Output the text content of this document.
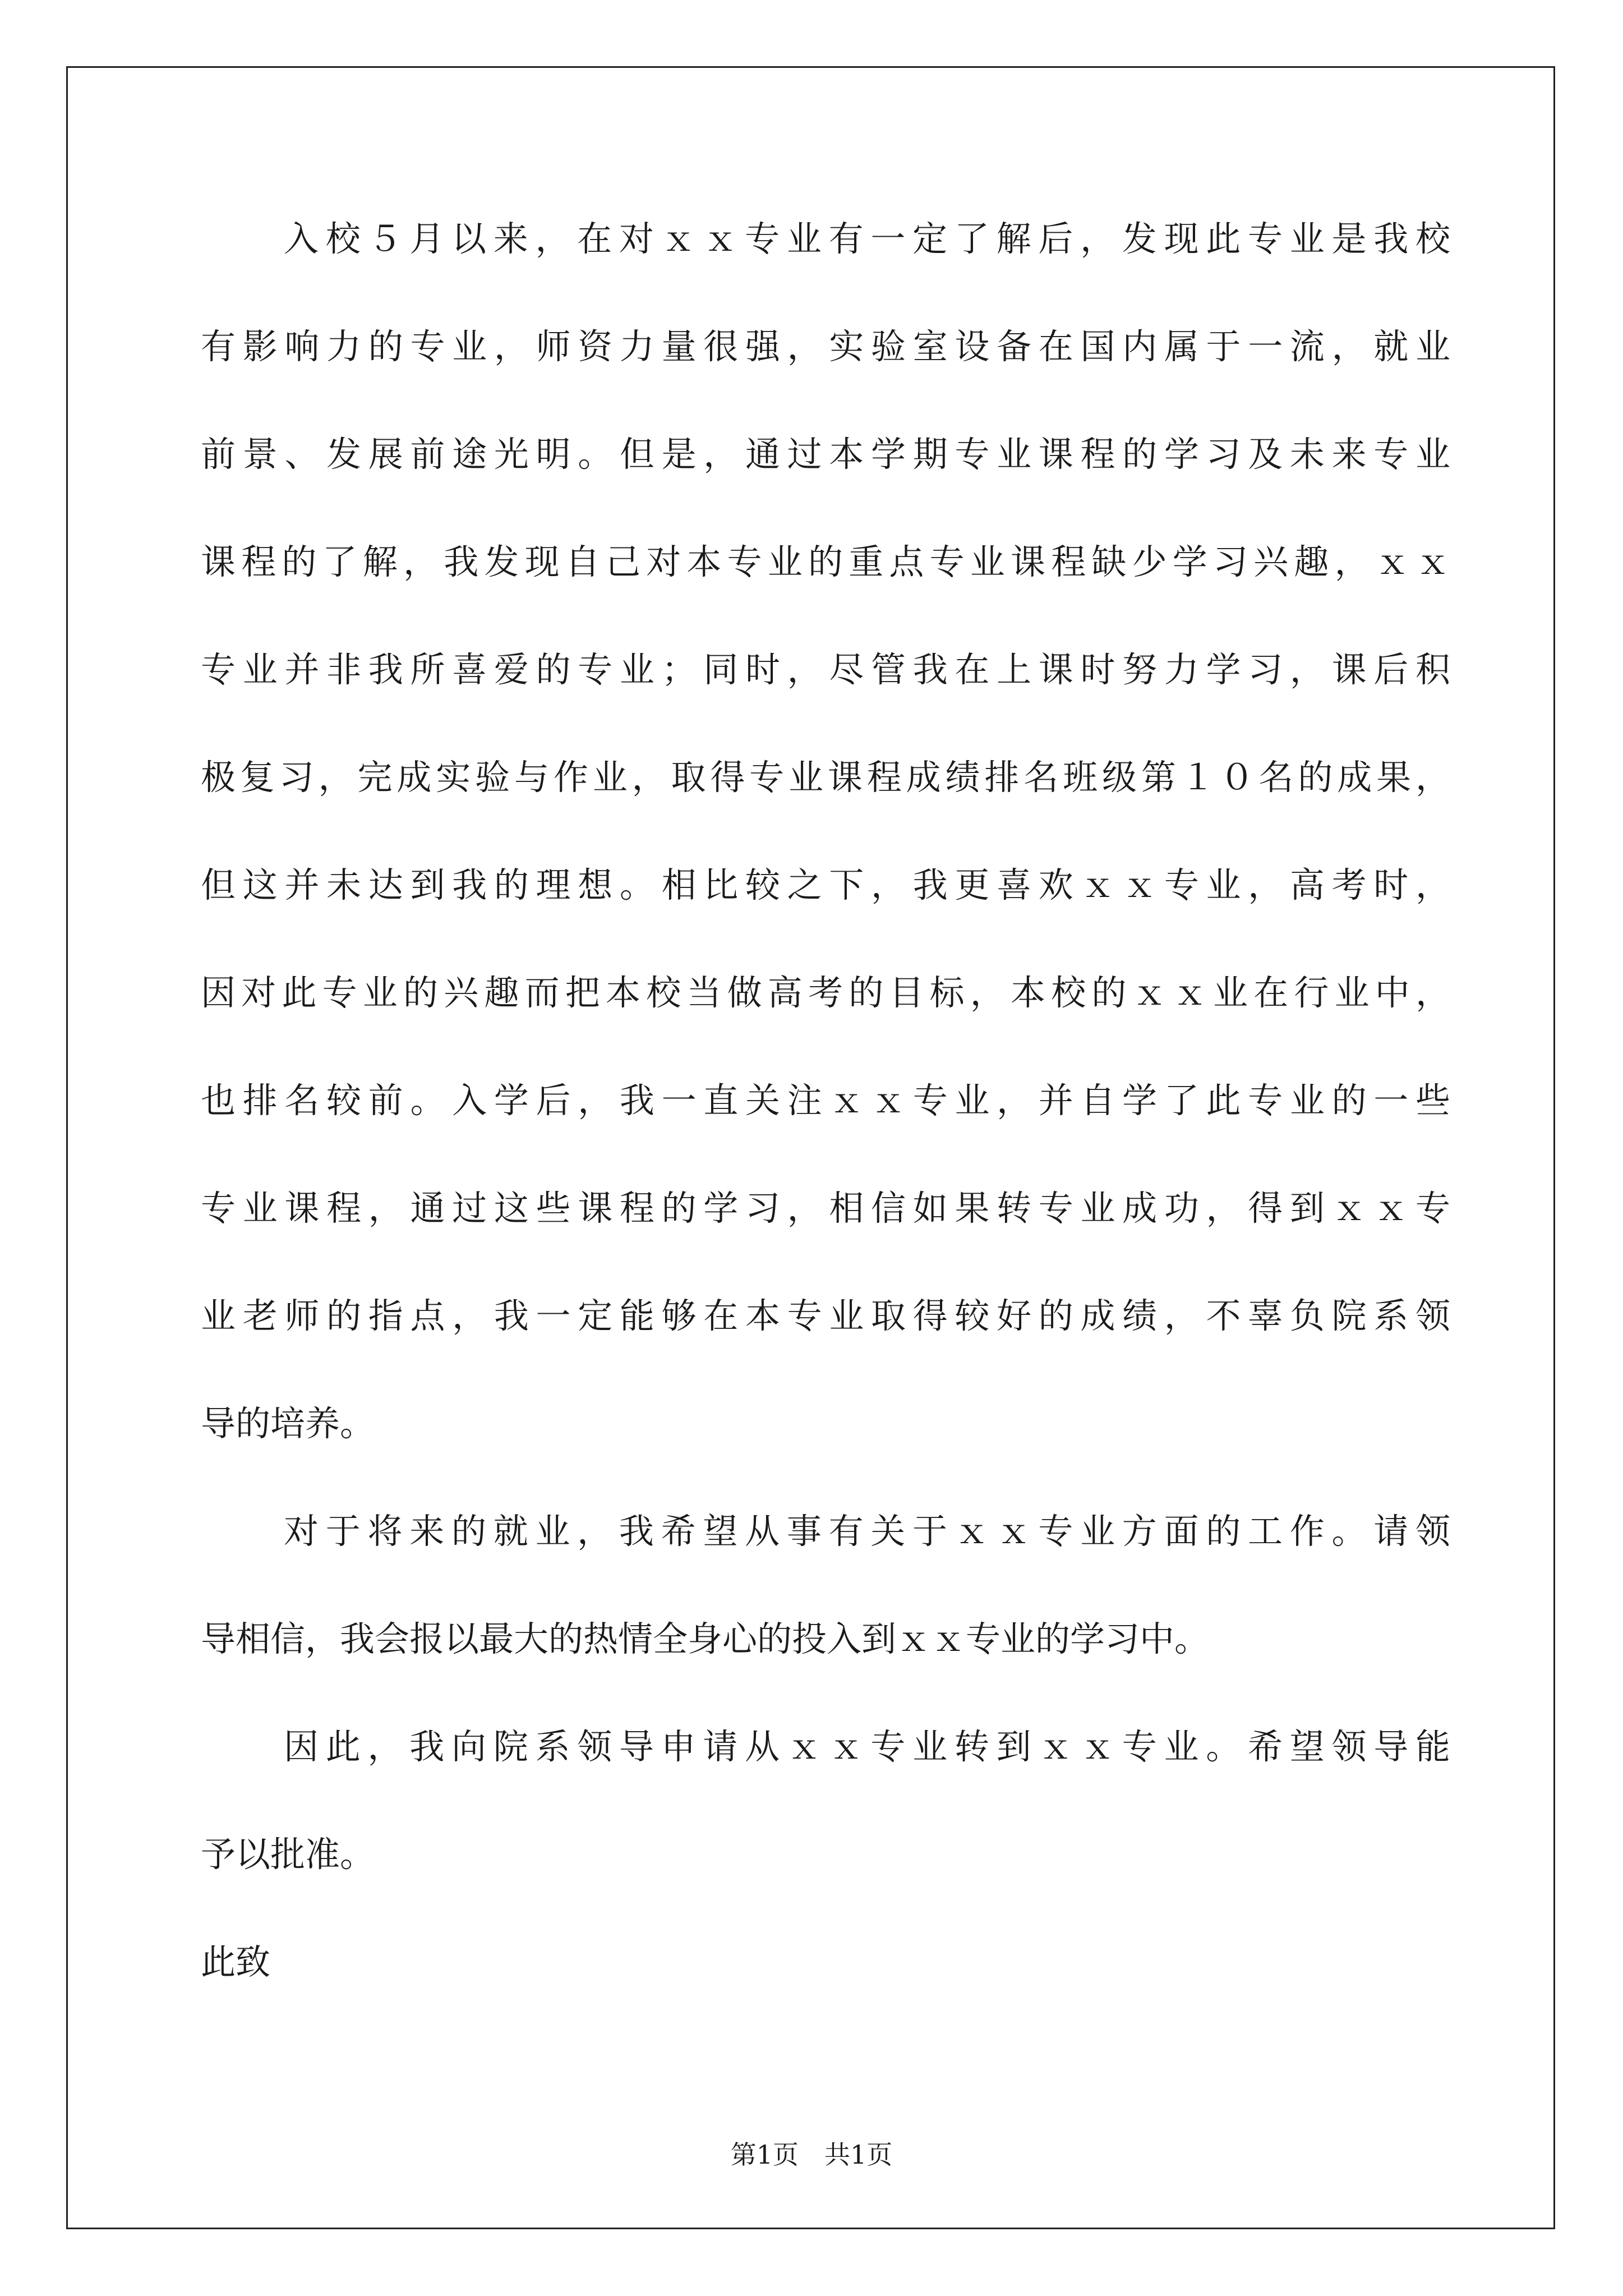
入校５月以来，在对ｘｘ专业有一定了解后，发现此专业是我校
有影响力的专业，师资力量很强，实验室设备在国内属于一流，就业
前景、发展前途光明。但是，通过本学期专业课程的学习及未来专业
课程的了解，我发现自己对本专业的重点专业课程缺少学习兴趣，ｘｘ
专业并非我所喜爱的专业；同时，尽管我在上课时努力学习，课后积
极复习，完成实验与作业，取得专业课程成绩排名班级第１０名的成果，
但这并未达到我的理想。相比较之下，我更喜欢ｘｘ专业，高考时，
因对此专业的兴趣而把本校当做高考的目标，本校的ｘｘ业在行业中，
也排名较前。入学后，我一直关注ｘｘ专业，并自学了此专业的一些
专业课程，通过这些课程的学习，相信如果转专业成功，得到ｘｘ专
业老师的指点，我一定能够在本专业取得较好的成绩，不辜负院系领
导的培养。
对于将来的就业，我希望从事有关于ｘｘ专业方面的工作。请领
导相信，我会报以最大的热情全身心的投入到ｘｘ专业的学习中。
因此，我向院系领导申请从ｘｘ专业转到ｘｘ专业。希望领导能
予以批准。
此致
第1页 共1页
